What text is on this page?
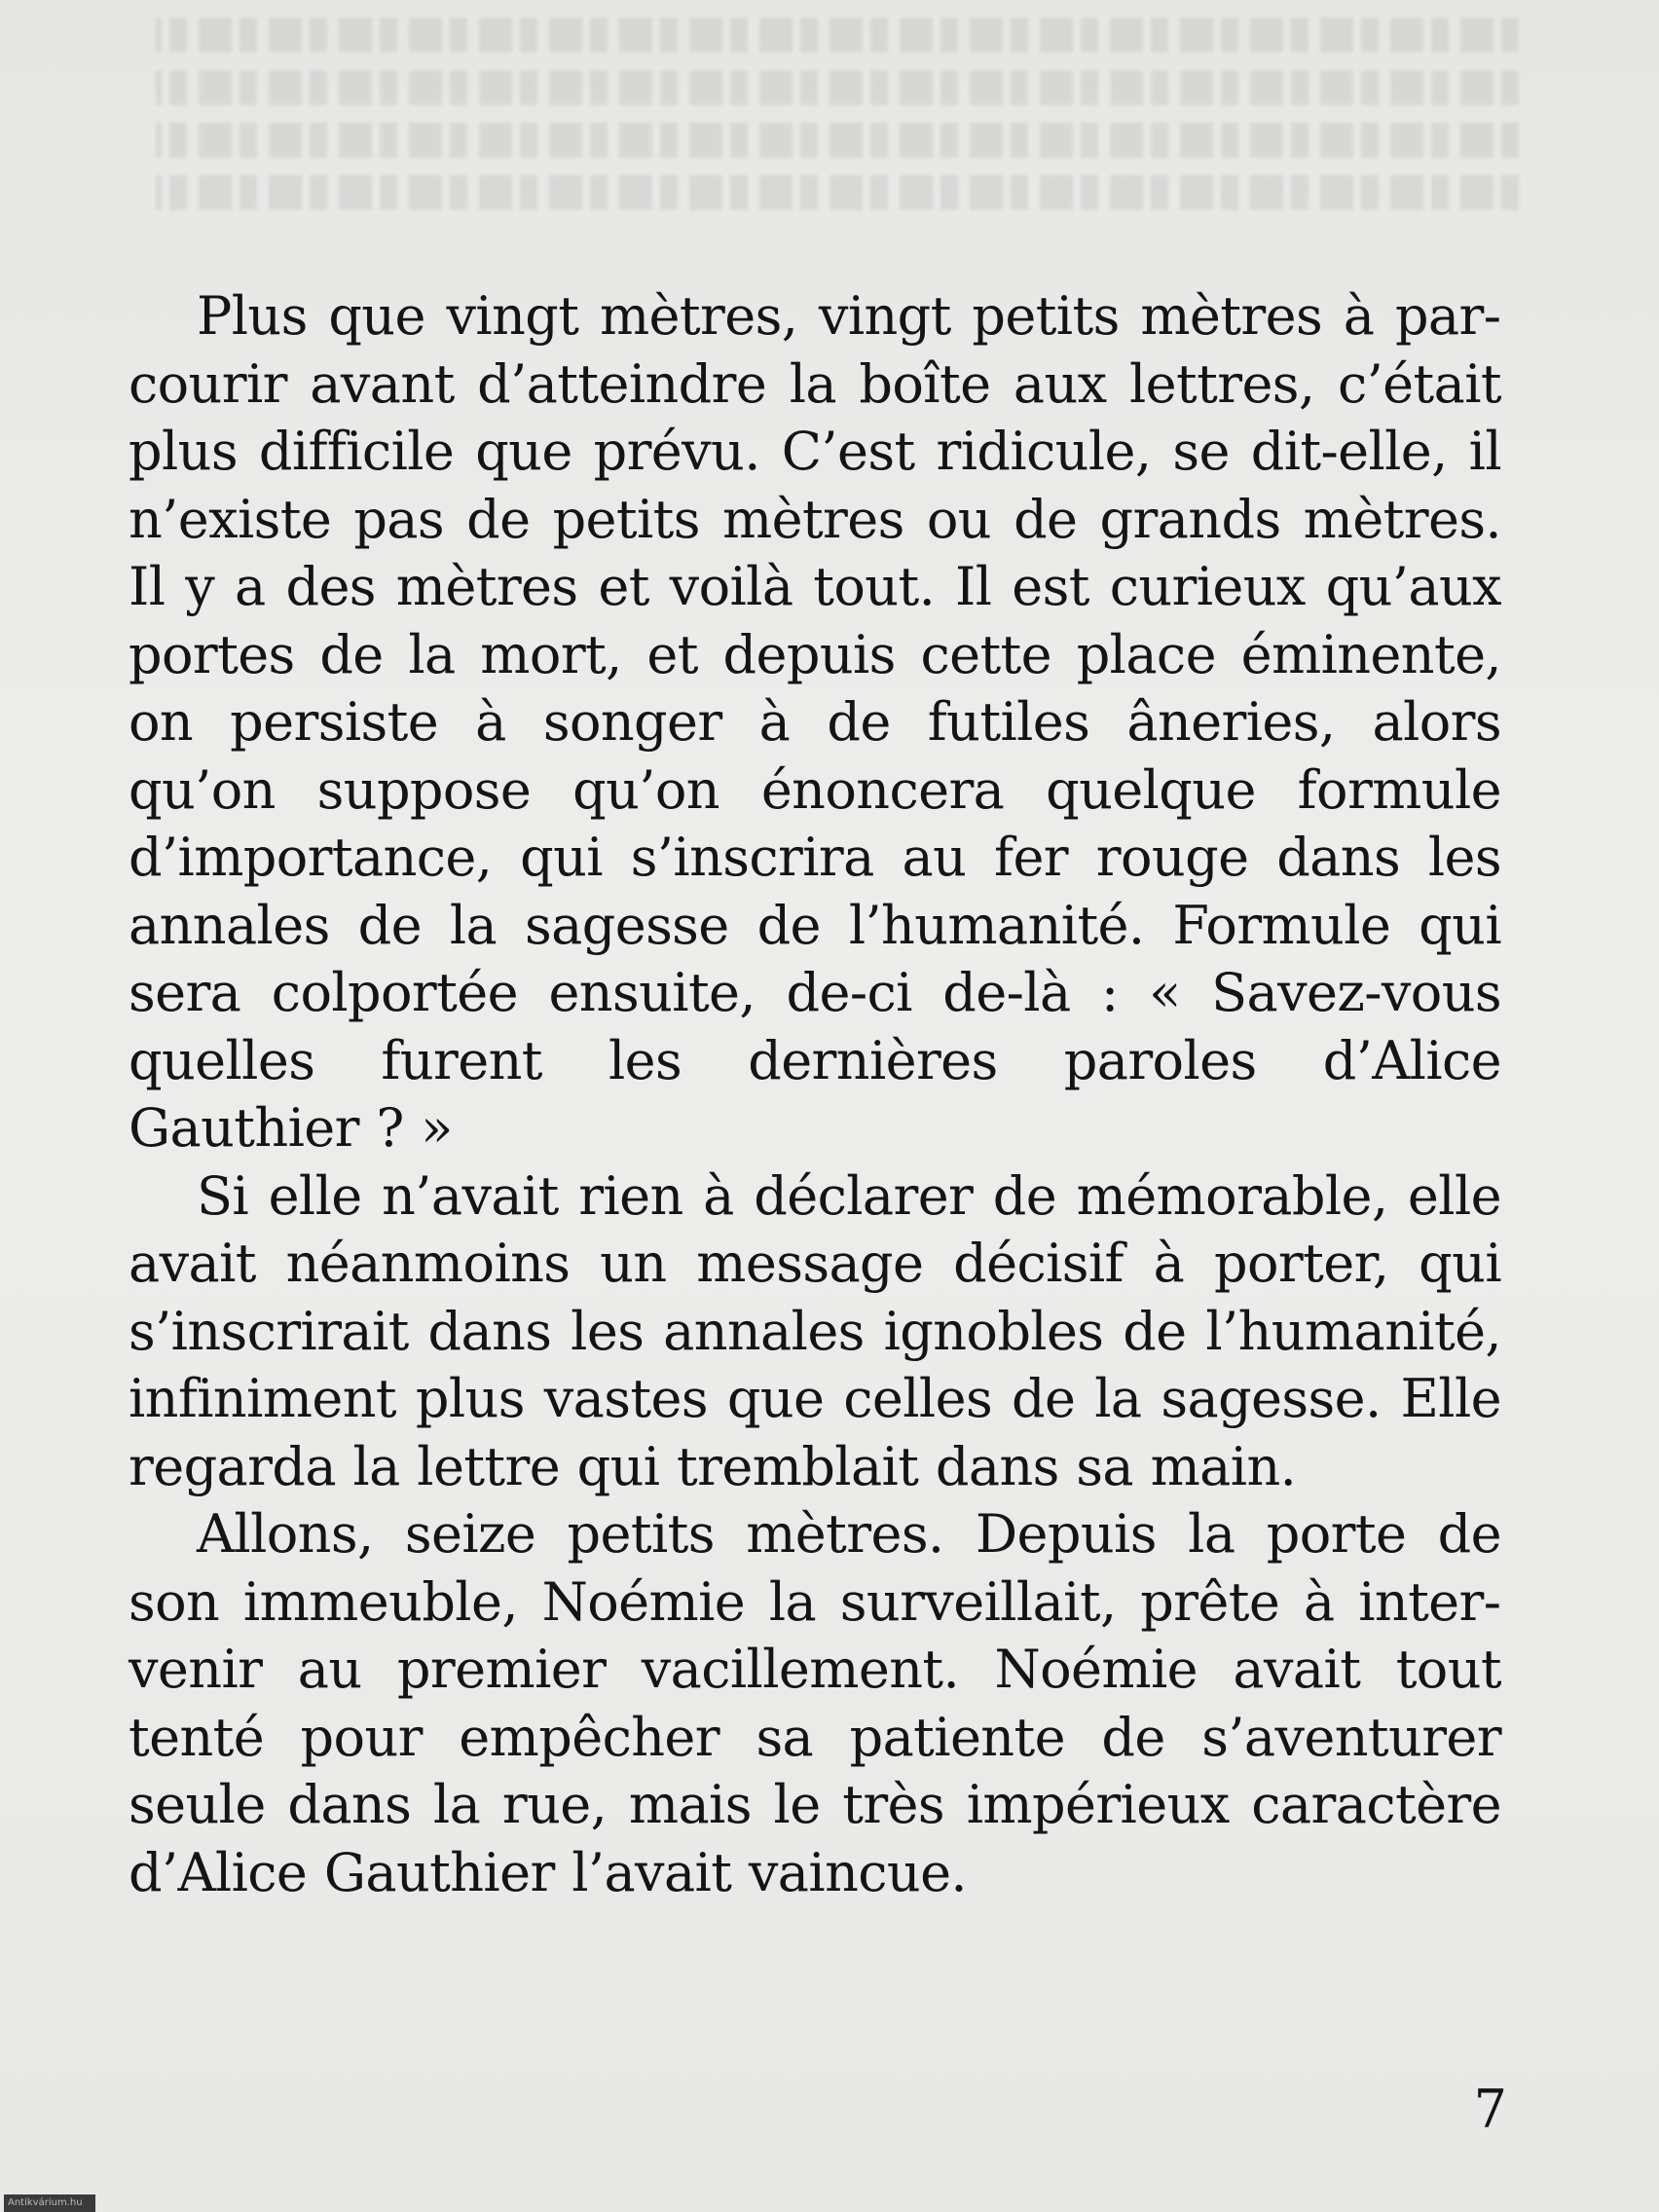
Plus que vingt mètres, vingt petits mètres à parcourir avant d’atteindre la boîte aux lettres, c’était plus difficile que prévu. C’est ridicule, se dit-elle, il n’existe pas de petits mètres ou de grands mètres. Il y a des mètres et voilà tout. Il est curieux qu’aux portes de la mort, et depuis cette place éminente, on persiste à songer à de futiles âneries, alors qu’on suppose qu’on énoncera quelque formule d’importance, qui s’inscrira au fer rouge dans les annales de la sagesse de l’humanité. Formule qui sera colportée ensuite, de-ci de-là : « Savez-vous quelles furent les dernières paroles d’Alice Gauthier ? »

Si elle n’avait rien à déclarer de mémorable, elle avait néanmoins un message décisif à porter, qui s’inscrirait dans les annales ignobles de l’humanité, infiniment plus vastes que celles de la sagesse. Elle regarda la lettre qui tremblait dans sa main.

Allons, seize petits mètres. Depuis la porte de son immeuble, Noémie la surveillait, prête à intervenir au premier vacillement. Noémie avait tout tenté pour empêcher sa patiente de s’aventurer seule dans la rue, mais le très impérieux caractère d’Alice Gauthier l’avait vaincue.

7
Antikvárium.hu
